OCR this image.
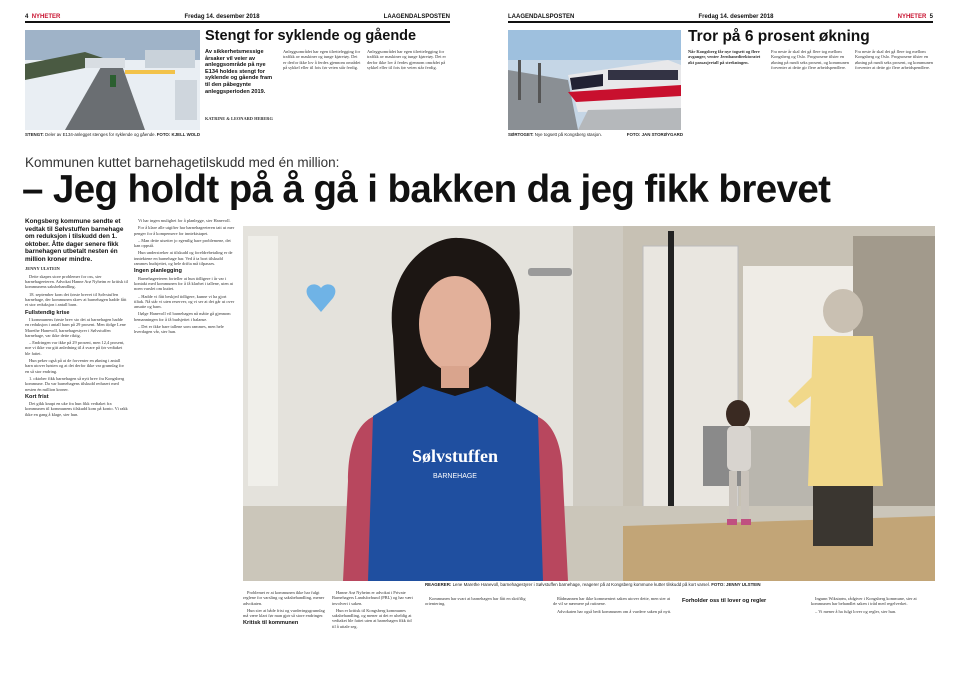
4 NYHETER	Fredag 14. desember 2018	LAAGENDALSPOSTEN
STENGT: Deler av E134-anlegget stenges for syklende og gående. FOTO: KJELL WOLD
Stengt for syklende og gående
Av sikkerhetsmessige årsaker vil veier av anleggsområde på nye E134 holdes stengt for syklende og gående fram til den påbegynte anleggsperioden 2019.
KATRINE & LEONARD HEBERG
Anleggsområdet har egen tilrettelegging for trafikk av maskiner og tunge kjøretøy. Det er derfor ikke lov å ferdes gjennom området på sykkel eller til fots før veien står ferdig.
Anleggsområdet har egen tilrettelegging for trafikk av maskiner og tunge kjøretøy. Det er derfor ikke lov å ferdes gjennom området på sykkel eller til fots før veien står ferdig.
LAAGENDALSPOSTEN	Fredag 14. desember 2018	NYHETER 5
SØRTOGET: Nye togsett på Kongsberg stasjon.	FOTO: JAN STORØYGARD
Tror på 6 prosent økning
Når Kongsberg får nye togsett og flere avganger, venter Jernbanedirektoratet økt passasjertall på strekningen.
Fra neste år skal det gå flere tog mellom Kongsberg og Oslo. Prognosene tilsier en økning på rundt seks prosent, og kommunen forventer at dette gir flere arbeidspendlere.
Fra neste år skal det gå flere tog mellom Kongsberg og Oslo. Prognosene tilsier en økning på rundt seks prosent, og kommunen forventer at dette gir flere arbeidspendlere.
Kommunen kuttet barnehagetilskudd med én million:
– Jeg holdt på å gå i bakken da jeg fikk brevet
Kongsberg kommune sendte et vedtak til Sølvstuffen barnehage om reduksjon i tilskudd den 1. oktober. Åtte dager senere fikk barnehagen utbetalt nesten én million kroner mindre.
JENNY ULSTEIN

Dette skapes store problemer for oss, sier barnehageeieren. Advokat Hanne Arø Nyheim er kritisk til kommunens saksbehandling.

18. september kom det første brevet til Sølvstuffen barnehage, der kommunen skrev at barnehagen hadde fått et stor reduksjon i antall barn.

Fullstendig krise

I kommunens første brev sto det at barnehagen hadde en reduksjon i antall barn på 29 prosent. Men ifølge Lene Marethe Hanevoll, barnehagestyrer i Sølvstuffen barnehage, var ikke dette riktig.

– Endringen var ikke på 29 prosent, men 12,4 prosent, noe vi ikke var gitt anledning til å svare på før vedtaket ble fattet.

Hun peker også på at de forventer en økning i antall barn utover høsten og at det derfor ikke var grunnlag for en så stor endring.

1. oktober fikk barnehagen så nytt brev fra Kongsberg kommune. Da var barnehagens tilskudd redusert med nesten én million kroner.

Kort frist

Det gikk knapt en uke fra hun fikk vedtaket fra kommunen til kommunens tilskudd kom på konto. Vi rakk ikke en gang å klage, sier hun.

Vi har ingen mulighet for å planlegge, sier Hanevoll.

For å klare alle utgifter har barnehageeieren tatt ut mer penger for å kompensere for inntektstapet.

– Man dette utsetter jo egentlig bare problemene, det kan oppstå.

Hun understreker at tilskudd og foreldrebetaling er de inntektene en barnehage har. Ved å ta bort tilskudd rammes budsjettet, og hele drifta må tilpasses.

Ingen planlegging

Barnehageeieren forteller at hun tidligere i år var i kontakt med kommunen for å få klarhet i tallene, uten at noen varslet om kuttet.

– Hadde vi fått beskjed tidligere, kunne vi ha gjort tiltak. Nå står vi uten reserver, og vi ser at det går ut over ansatte og barn.

Ifølge Hanevoll vil barnehagen nå måtte gå gjennom bemanningen for å få budsjettet i balanse.

– Det er ikke bare tallene som rammes, men hele hverdagen vår, sier hun.

Sølvstuffen
BARNEHAGE
REAGERER: Lene Marethe Hanevoll, barnehagestyrer i Sølvstuffen barnehage, reagerer på at Kongsberg kommune kutter tilskudd på kort varsel. FOTO: JENNY ULSTEIN

Problemet er at kommunen ikke har fulgt reglene for varsling og saksbehandling, mener advokaten.

Hun sier at både frist og vurderingsgrunnlag må være klart før man gjør så store endringer.

Kritisk til kommunen

Hanne Arø Nyheim er advokat i Private Barnehagers Landsforbund (PBL) og har vært involvert i saken.

Hun er kritisk til Kongsberg kommunes saksbehandling, og mener at det er uheldig at vedtaket ble fattet uten at barnehagen fikk tid til å uttale seg.

Kommunen har svart at barnehagen har fått en skriftlig orientering.

Rådmannen har ikke kommentert saken utover dette, men sier at de vil se nærmere på rutinene.

Advokaten har også bedt kommunen om å vurdere saken på nytt.

Forholder oss til lover og regler	Ingunn Wikstrøm, rådgiver i Kongsberg kommune, sier at kommunen har behandlet saken i tråd med regelverket.

– Vi mener å ha fulgt lover og regler, sier hun.
